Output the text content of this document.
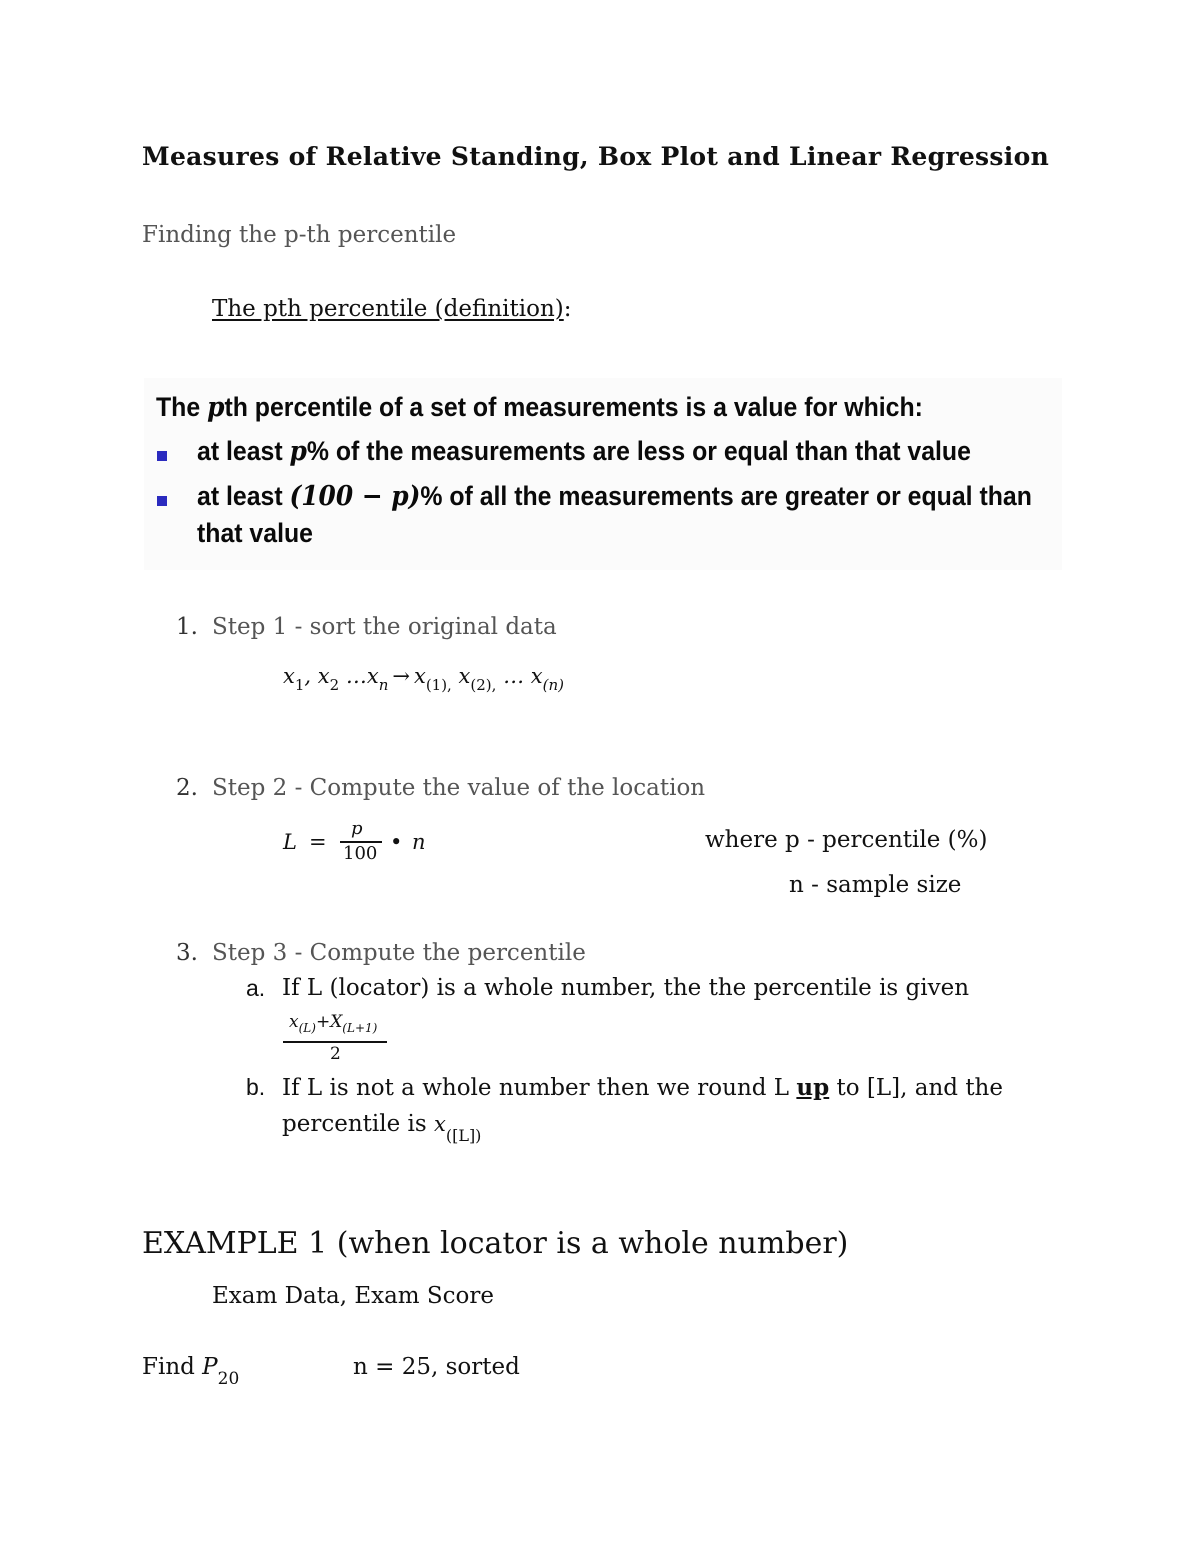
Measures of Relative Standing, Box Plot and Linear Regression
Finding the p-th percentile
The pth percentile (definition):
The pth percentile of a set of measurements is a value for which:
at least p% of the measurements are less or equal than that value
at least (100 − p)% of all the measurements are greater or equal than
that value
1. Step 1 - sort the original data
$x_1$, $x_2$ $\dots x_n \to x_{(1),}$ $x_{(2),}$ … $x_{(n)}$
2. Step 2 - Compute the value of the location
L =
p
100 • n	where p - percentile (%)
n - sample size
3. Step 3 - Compute the percentile
a. If L (locator) is a whole number, the the percentile is given
$x_{(L)}+X_{(L+1)}$
2
b. If L is not a whole number then we round L up to [L], and the
percentile is $x_{([L])}$
EXAMPLE 1 (when locator is a whole number)
Exam Data, Exam Score
Find $P_{20}$	n = 25, sorted
